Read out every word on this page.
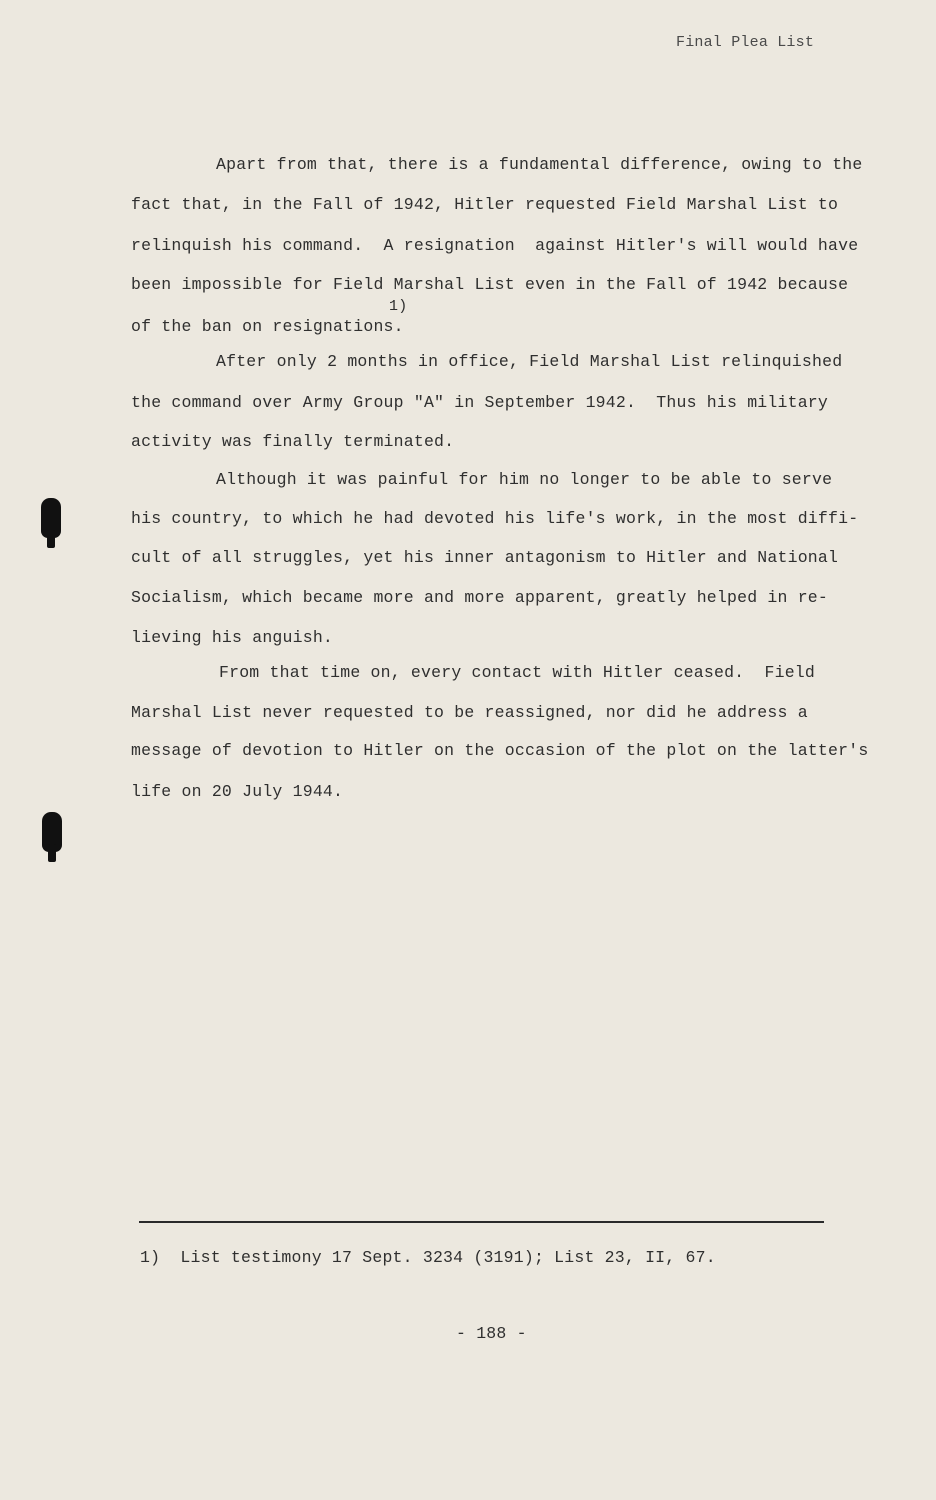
Final Plea List
Apart from that, there is a fundamental difference, owing to the
fact that, in the Fall of 1942, Hitler requested Field Marshal List to
relinquish his command.  A resignation  against Hitler's will would have
been impossible for Field Marshal List even in the Fall of 1942 because
of the ban on resignations.
1)
After only 2 months in office, Field Marshal List relinquished
the command over Army Group "A" in September 1942.  Thus his military
activity was finally terminated.
Although it was painful for him no longer to be able to serve
his country, to which he had devoted his life's work, in the most diffi-
cult of all struggles, yet his inner antagonism to Hitler and National
Socialism, which became more and more apparent, greatly helped in re-
lieving his anguish.
From that time on, every contact with Hitler ceased.  Field
Marshal List never requested to be reassigned, nor did he address a
message of devotion to Hitler on the occasion of the plot on the latter's
life on 20 July 1944.
1)  List testimony 17 Sept. 3234 (3191); List 23, II, 67.
- 188 -
